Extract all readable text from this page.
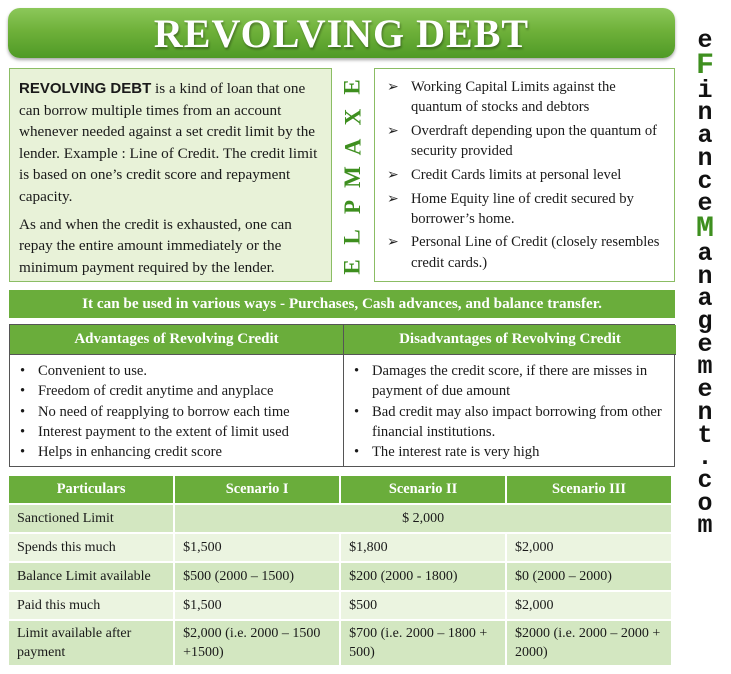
REVOLVING DEBT	e
F
i
n
a
n
c
e
M
a
n
a
g
e
m
e
n
t
.
c
o
m

REVOLVING DEBT is a kind of loan that one can borrow multiple times from an account whenever needed against a set credit limit by the lender. Example : Line of Credit. The credit limit is based on one’s credit score and repayment capacity.

As and when the credit is exhausted, one can repay the entire amount immediately or the minimum payment required by the lender.

E
X
A
M
P
L
E
➢ Working Capital Limits against the quantum of stocks and debtors
➢ Overdraft depending upon the quantum of security provided
➢ Credit Cards limits at personal level
➢ Home Equity line of credit secured by borrower’s home.
➢ Personal Line of Credit (closely resembles credit cards.)
It can be used in various ways - Purchases, Cash advances, and balance transfer.
Advantages of Revolving Credit
• Convenient to use.
• Freedom of credit anytime and anyplace
• No need of reapplying to borrow each time
• Interest payment to the extent of limit used
• Helps in enhancing credit score
Disadvantages of Revolving Credit
• Damages the credit score, if there are misses in payment of due amount
• Bad credit may also impact borrowing from other financial institutions.
• The interest rate is very high
Particulars	Scenario I	Scenario II	Scenario III
Sanctioned Limit	$ 2,000		
Spends this much	$1,500	$1,800	$2,000
Balance Limit available	$500 (2000 – 1500)	$200 (2000 - 1800)	$0 (2000 – 2000)
Paid this much	$1,500	$500	$2,000
Limit available after payment	$2,000 (i.e. 2000 – 1500 +1500)	$700 (i.e. 2000 – 1800 + 500)	$2000 (i.e. 2000 – 2000 + 2000)
